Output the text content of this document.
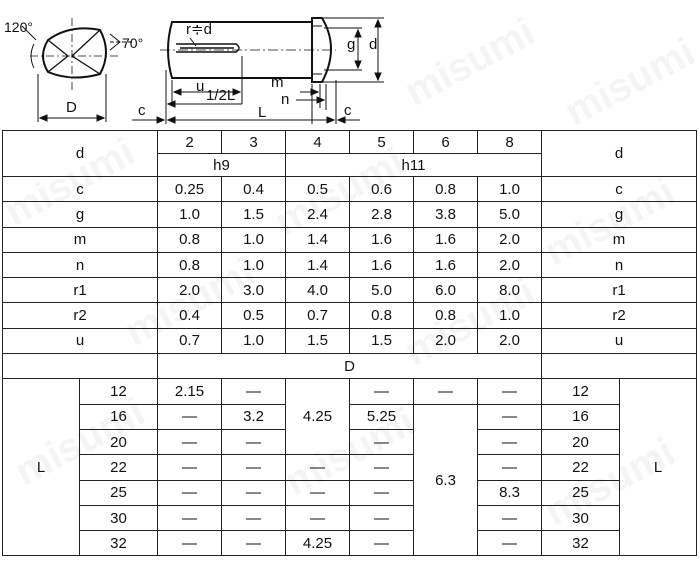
120°
D
70°
r≑d
g d
u
1/2L
m
n
L
c	c
d		2	3	4	5	6	8	d	
		h9		h11					
c		0.25	0.4	0.5	0.6	0.8	1.0	c	
g		1.0	1.5	2.4	2.8	3.8	5.0	g	
m		0.8	1.0	1.4	1.6	1.6	2.0	m	
n		0.8	1.0	1.4	1.6	1.6	2.0	n	
r1		2.0	3.0	4.0	5.0	6.0	8.0	r1	
r2		0.4	0.5	0.7	0.8	0.8	1.0	r2	
u		0.7	1.0	1.5	1.5	2.0	2.0	u	
		D							
L	12	2.15	—	4.25	—	—	—	12	L
	16	—	3.2		5.25	6.3	—	16	
	20	—	—		—		—	20	
	22	—	—	—	—		—	22	
	25	—	—	—	—		8.3	25	
	30	—	—	—	—		—	30	
	32	—	—	4.25	—		—	32	
